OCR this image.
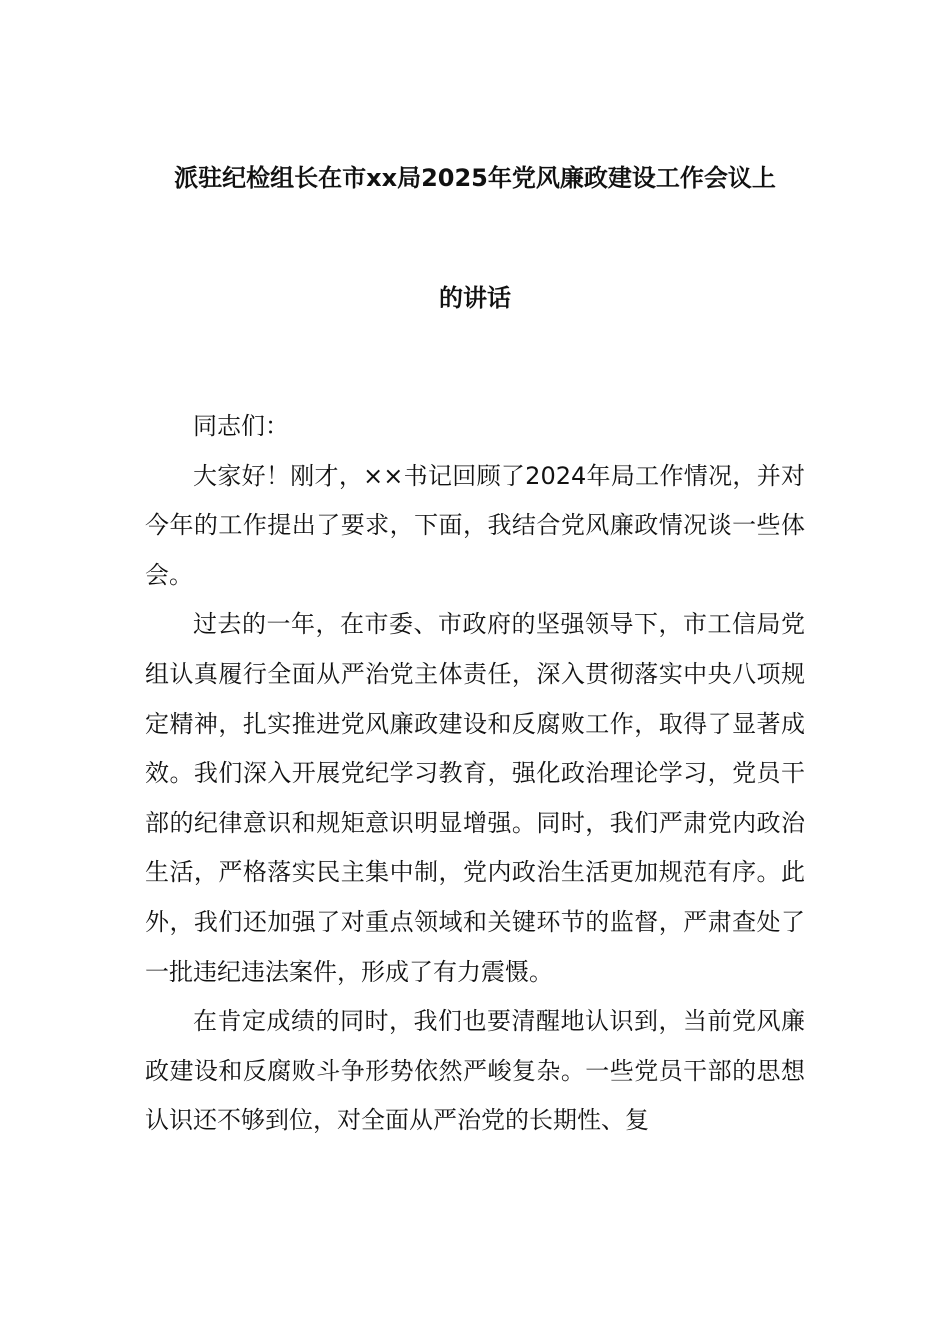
派驻纪检组长在市xx局2025年党风廉政建设工作会议上
的讲话

同志们：

大家好！刚才，××书记回顾了2024年局工作情况，并对今年的工作提出了要求，下面，我结合党风廉政情况谈一些体会。

过去的一年，在市委、市政府的坚强领导下，市工信局党组认真履行全面从严治党主体责任，深入贯彻落实中央八项规定精神，扎实推进党风廉政建设和反腐败工作，取得了显著成效。我们深入开展党纪学习教育，强化政治理论学习，党员干部的纪律意识和规矩意识明显增强。同时，我们严肃党内政治生活，严格落实民主集中制，党内政治生活更加规范有序。此外，我们还加强了对重点领域和关键环节的监督，严肃查处了一批违纪违法案件，形成了有力震慑。

在肯定成绩的同时，我们也要清醒地认识到，当前党风廉政建设和反腐败斗争形势依然严峻复杂。一些党员干部的思想认识还不够到位，对全面从严治党的长期性、复
